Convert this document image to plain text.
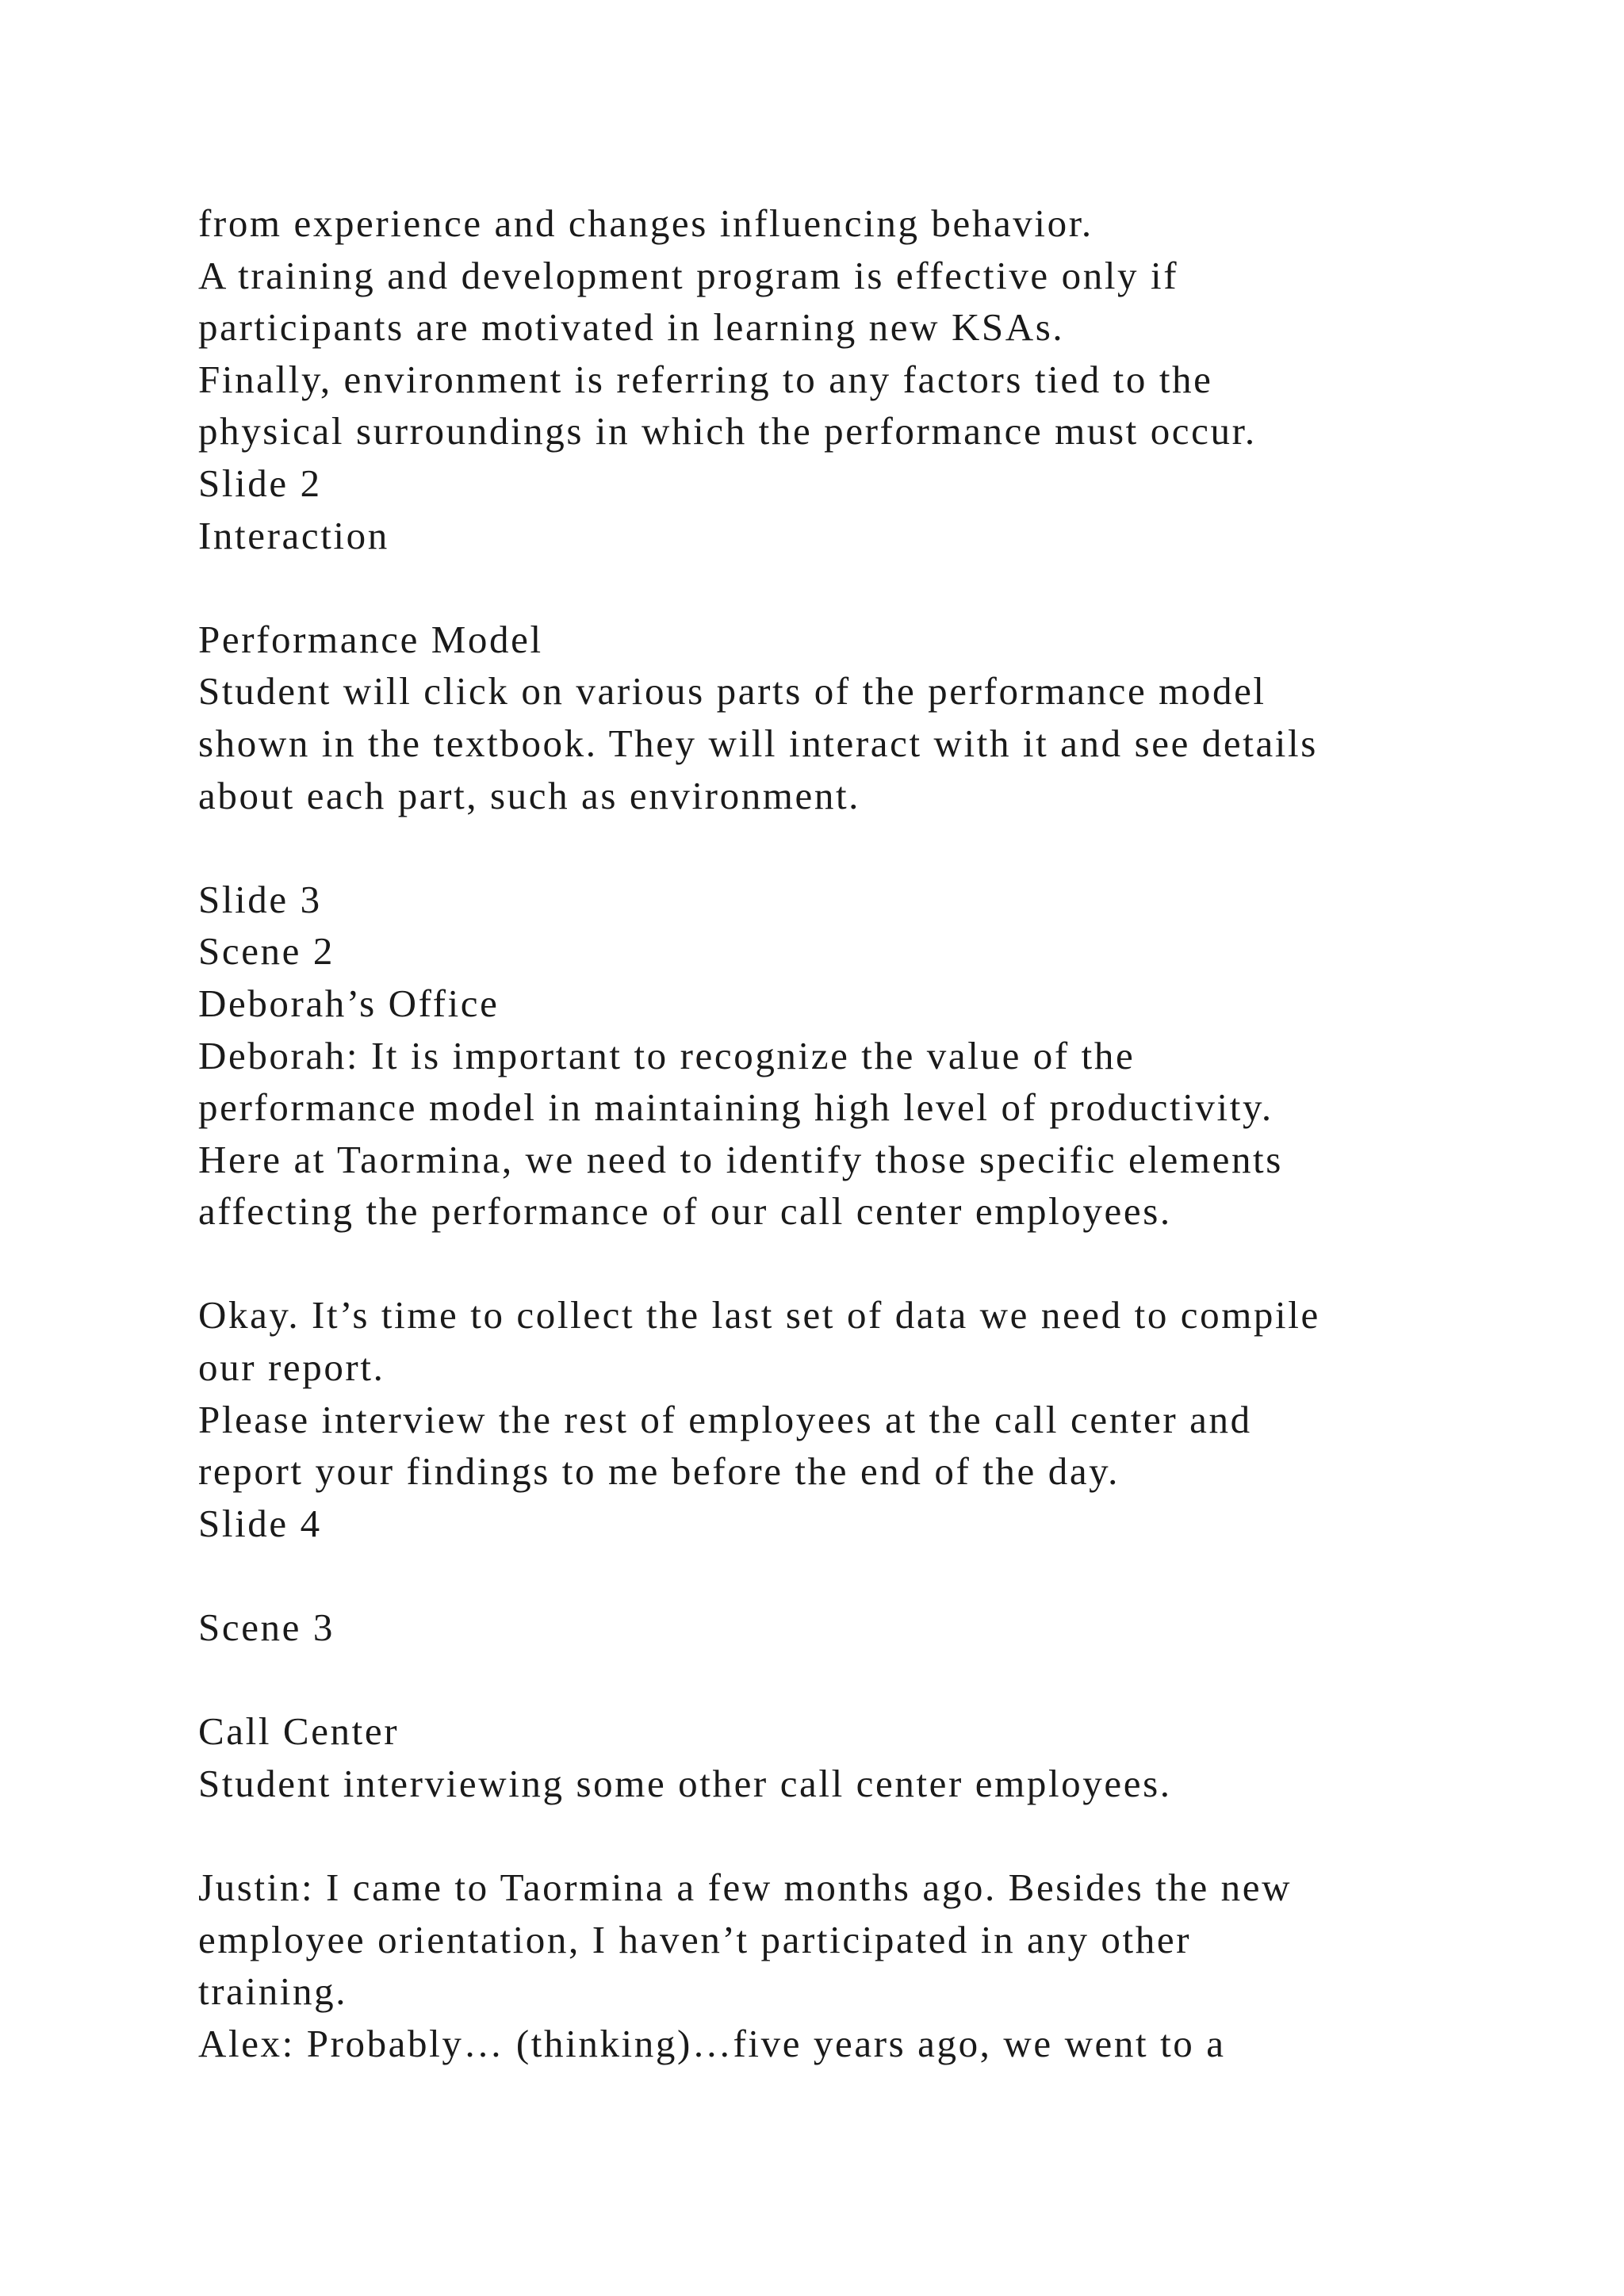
from experience and changes influencing behavior.
A training and development program is effective only if
participants are motivated in learning new KSAs.
Finally, environment is referring to any factors tied to the
physical surroundings in which the performance must occur.
Slide 2
Interaction
Performance Model
Student will click on various parts of the performance model
shown in the textbook. They will interact with it and see details
about each part, such as environment.
Slide 3
Scene 2
Deborah’s Office
Deborah: It is important to recognize the value of the
performance model in maintaining high level of productivity.
Here at Taormina, we need to identify those specific elements
affecting the performance of our call center employees.
Okay. It’s time to collect the last set of data we need to compile
our report.
Please interview the rest of employees at the call center and
report your findings to me before the end of the day.
Slide 4
Scene 3
Call Center
Student interviewing some other call center employees.
Justin: I came to Taormina a few months ago. Besides the new
employee orientation, I haven’t participated in any other
training.
Alex: Probably… (thinking)…five years ago, we went to a
